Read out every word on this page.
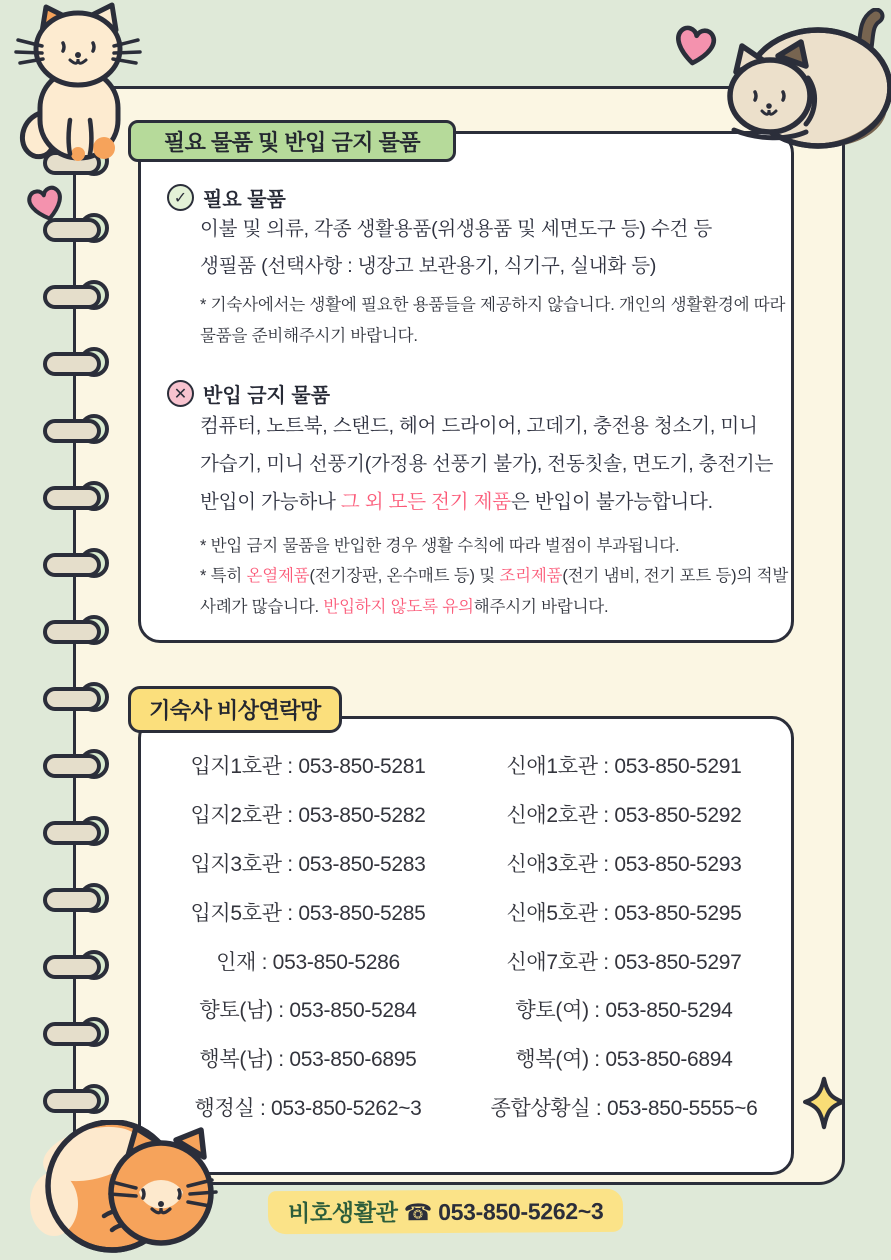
필요 물품 및 반입 금지 물품
✓ 필요 물품
이불 및 의류, 각종 생활용품(위생용품 및 세면도구 등) 수건 등
생필품 (선택사항 : 냉장고 보관용기, 식기구, 실내화 등)

* 기숙사에서는 생활에 필요한 용품들을 제공하지 않습니다. 개인의 생활환경에 따라 물품을 준비해주시기 바랍니다.

✕ 반입 금지 물품

컴퓨터, 노트북, 스탠드, 헤어 드라이어, 고데기, 충전용 청소기, 미니 가습기, 미니 선풍기(가정용 선풍기 불가), 전동칫솔, 면도기, 충전기는 반입이 가능하나 그 외 모든 전기 제품은 반입이 불가능합니다.

* 반입 금지 물품을 반입한 경우 생활 수칙에 따라 벌점이 부과됩니다.

* 특히 온열제품(전기장판, 온수매트 등) 및 조리제품(전기 냄비, 전기 포트 등)의 적발 사례가 많습니다. 반입하지 않도록 유의해주시기 바랍니다.

기숙사 비상연락망
입지1호관 : 053-850-5281	신애1호관 : 053-850-5291
입지2호관 : 053-850-5282	신애2호관 : 053-850-5292
입지3호관 : 053-850-5283	신애3호관 : 053-850-5293
입지5호관 : 053-850-5285	신애5호관 : 053-850-5295
인재 : 053-850-5286	신애7호관 : 053-850-5297
향토(남) : 053-850-5284	향토(여) : 053-850-5294
행복(남) : 053-850-6895	행복(여) : 053-850-6894
행정실 : 053-850-5262~3	종합상황실 : 053-850-5555~6
비호생활관 ☎ 053-850-5262~3
